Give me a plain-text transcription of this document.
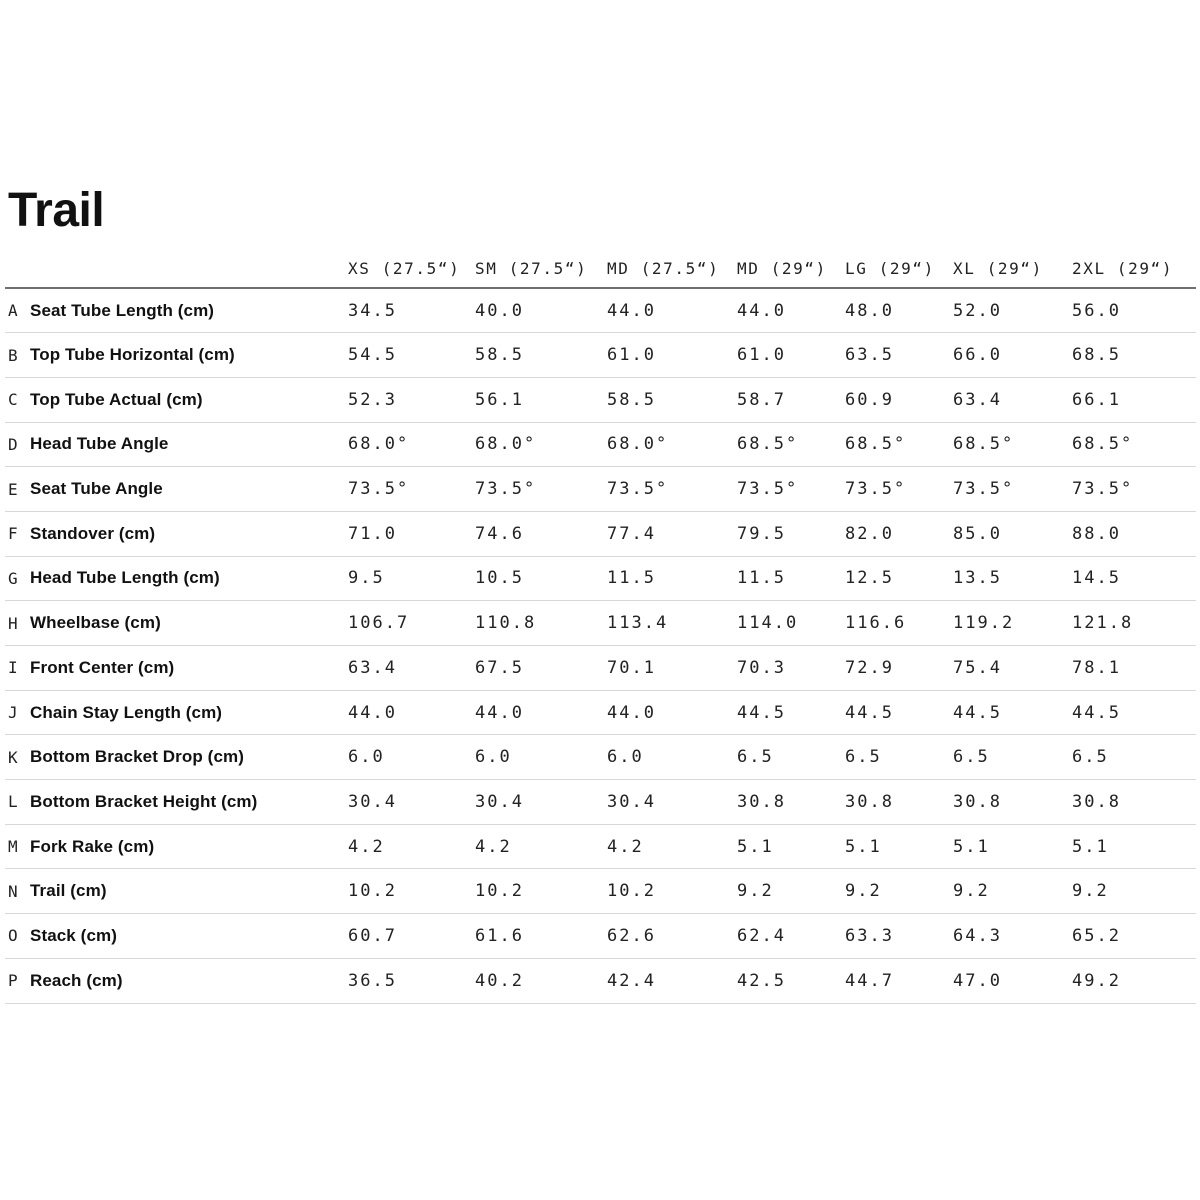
Trail
		XS (27.5“)	SM (27.5“)	MD (27.5“)	MD (29“)	LG (29“)	XL (29“)	2XL (29“)
A	Seat Tube Length (cm)	34.5	40.0	44.0	44.0	48.0	52.0	56.0
B	Top Tube Horizontal (cm)	54.5	58.5	61.0	61.0	63.5	66.0	68.5
C	Top Tube Actual (cm)	52.3	56.1	58.5	58.7	60.9	63.4	66.1
D	Head Tube Angle	68.0°	68.0°	68.0°	68.5°	68.5°	68.5°	68.5°
E	Seat Tube Angle	73.5°	73.5°	73.5°	73.5°	73.5°	73.5°	73.5°
F	Standover (cm)	71.0	74.6	77.4	79.5	82.0	85.0	88.0
G	Head Tube Length (cm)	9.5	10.5	11.5	11.5	12.5	13.5	14.5
H	Wheelbase (cm)	106.7	110.8	113.4	114.0	116.6	119.2	121.8
I	Front Center (cm)	63.4	67.5	70.1	70.3	72.9	75.4	78.1
J	Chain Stay Length (cm)	44.0	44.0	44.0	44.5	44.5	44.5	44.5
K	Bottom Bracket Drop (cm)	6.0	6.0	6.0	6.5	6.5	6.5	6.5
L	Bottom Bracket Height (cm)	30.4	30.4	30.4	30.8	30.8	30.8	30.8
M	Fork Rake (cm)	4.2	4.2	4.2	5.1	5.1	5.1	5.1
N	Trail (cm)	10.2	10.2	10.2	9.2	9.2	9.2	9.2
O	Stack (cm)	60.7	61.6	62.6	62.4	63.3	64.3	65.2
P	Reach (cm)	36.5	40.2	42.4	42.5	44.7	47.0	49.2
